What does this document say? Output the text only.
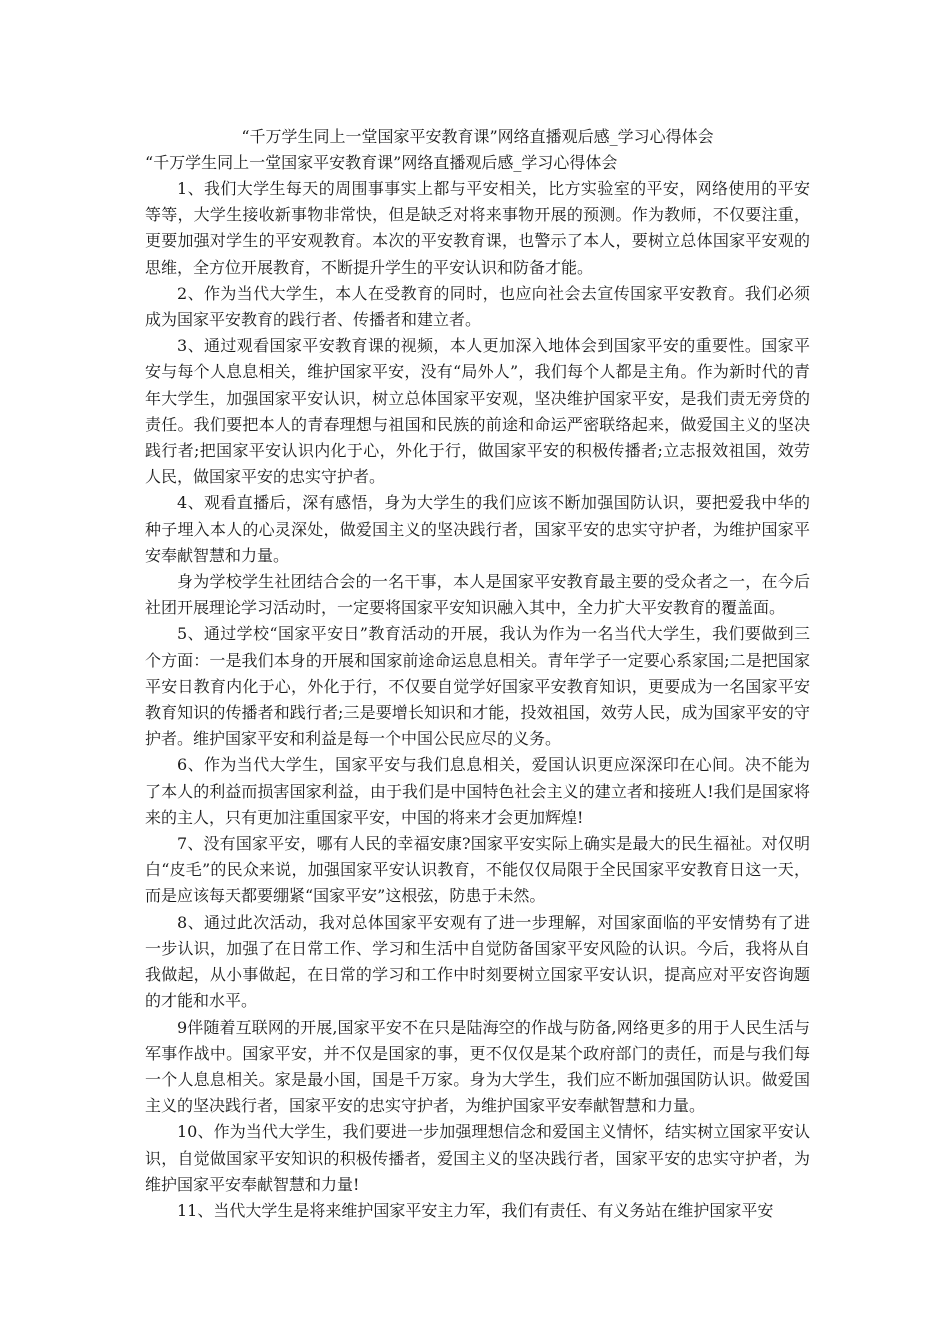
“千万学生同上一堂国家平安教育课”网络直播观后感_学习心得体会

“千万学生同上一堂国家平安教育课”网络直播观后感_学习心得体会

1、我们大学生每天的周围事事实上都与平安相关，比方实验室的平安，网络使用的平安等等，大学生接收新事物非常快，但是缺乏对将来事物开展的预测。作为教师，不仅要注重，更要加强对学生的平安观教育。本次的平安教育课，也警示了本人，要树立总体国家平安观的思维，全方位开展教育，不断提升学生的平安认识和防备才能。

2、作为当代大学生，本人在受教育的同时，也应向社会去宣传国家平安教育。我们必须成为国家平安教育的践行者、传播者和建立者。

3、通过观看国家平安教育课的视频，本人更加深入地体会到国家平安的重要性。国家平安与每个人息息相关，维护国家平安，没有“局外人”，我们每个人都是主角。作为新时代的青年大学生，加强国家平安认识，树立总体国家平安观，坚决维护国家平安，是我们责无旁贷的责任。我们要把本人的青春理想与祖国和民族的前途和命运严密联络起来，做爱国主义的坚决践行者;把国家平安认识内化于心，外化于行，做国家平安的积极传播者;立志报效祖国，效劳人民，做国家平安的忠实守护者。

4、观看直播后，深有感悟，身为大学生的我们应该不断加强国防认识，要把爱我中华的种子埋入本人的心灵深处，做爱国主义的坚决践行者，国家平安的忠实守护者，为维护国家平安奉献智慧和力量。

身为学校学生社团结合会的一名干事，本人是国家平安教育最主要的受众者之一，在今后社团开展理论学习活动时，一定要将国家平安知识融入其中，全力扩大平安教育的覆盖面。

5、通过学校“国家平安日”教育活动的开展，我认为作为一名当代大学生，我们要做到三个方面：一是我们本身的开展和国家前途命运息息相关。青年学子一定要心系家国;二是把国家平安日教育内化于心，外化于行，不仅要自觉学好国家平安教育知识，更要成为一名国家平安教育知识的传播者和践行者;三是要增长知识和才能，投效祖国，效劳人民，成为国家平安的守护者。维护国家平安和利益是每一个中国公民应尽的义务。

6、作为当代大学生，国家平安与我们息息相关，爱国认识更应深深印在心间。决不能为了本人的利益而损害国家利益，由于我们是中国特色社会主义的建立者和接班人!我们是国家将来的主人，只有更加注重国家平安，中国的将来才会更加辉煌!

7、没有国家平安，哪有人民的幸福安康?国家平安实际上确实是最大的民生福祉。对仅明白“皮毛”的民众来说，加强国家平安认识教育，不能仅仅局限于全民国家平安教育日这一天，而是应该每天都要绷紧“国家平安”这根弦，防患于未然。

8、通过此次活动，我对总体国家平安观有了进一步理解，对国家面临的平安情势有了进一步认识，加强了在日常工作、学习和生活中自觉防备国家平安风险的认识。今后，我将从自我做起，从小事做起，在日常的学习和工作中时刻要树立国家平安认识，提高应对平安咨询题的才能和水平。

9伴随着互联网的开展,国家平安不在只是陆海空的作战与防备,网络更多的用于人民生活与军事作战中。国家平安，并不仅是国家的事，更不仅仅是某个政府部门的责任，而是与我们每一个人息息相关。家是最小国，国是千万家。身为大学生，我们应不断加强国防认识。做爱国主义的坚决践行者，国家平安的忠实守护者，为维护国家平安奉献智慧和力量。

10、作为当代大学生，我们要进一步加强理想信念和爱国主义情怀，结实树立国家平安认识，自觉做国家平安知识的积极传播者，爱国主义的坚决践行者，国家平安的忠实守护者，为维护国家平安奉献智慧和力量!

11、当代大学生是将来维护国家平安主力军，我们有责任、有义务站在维护国家平安
